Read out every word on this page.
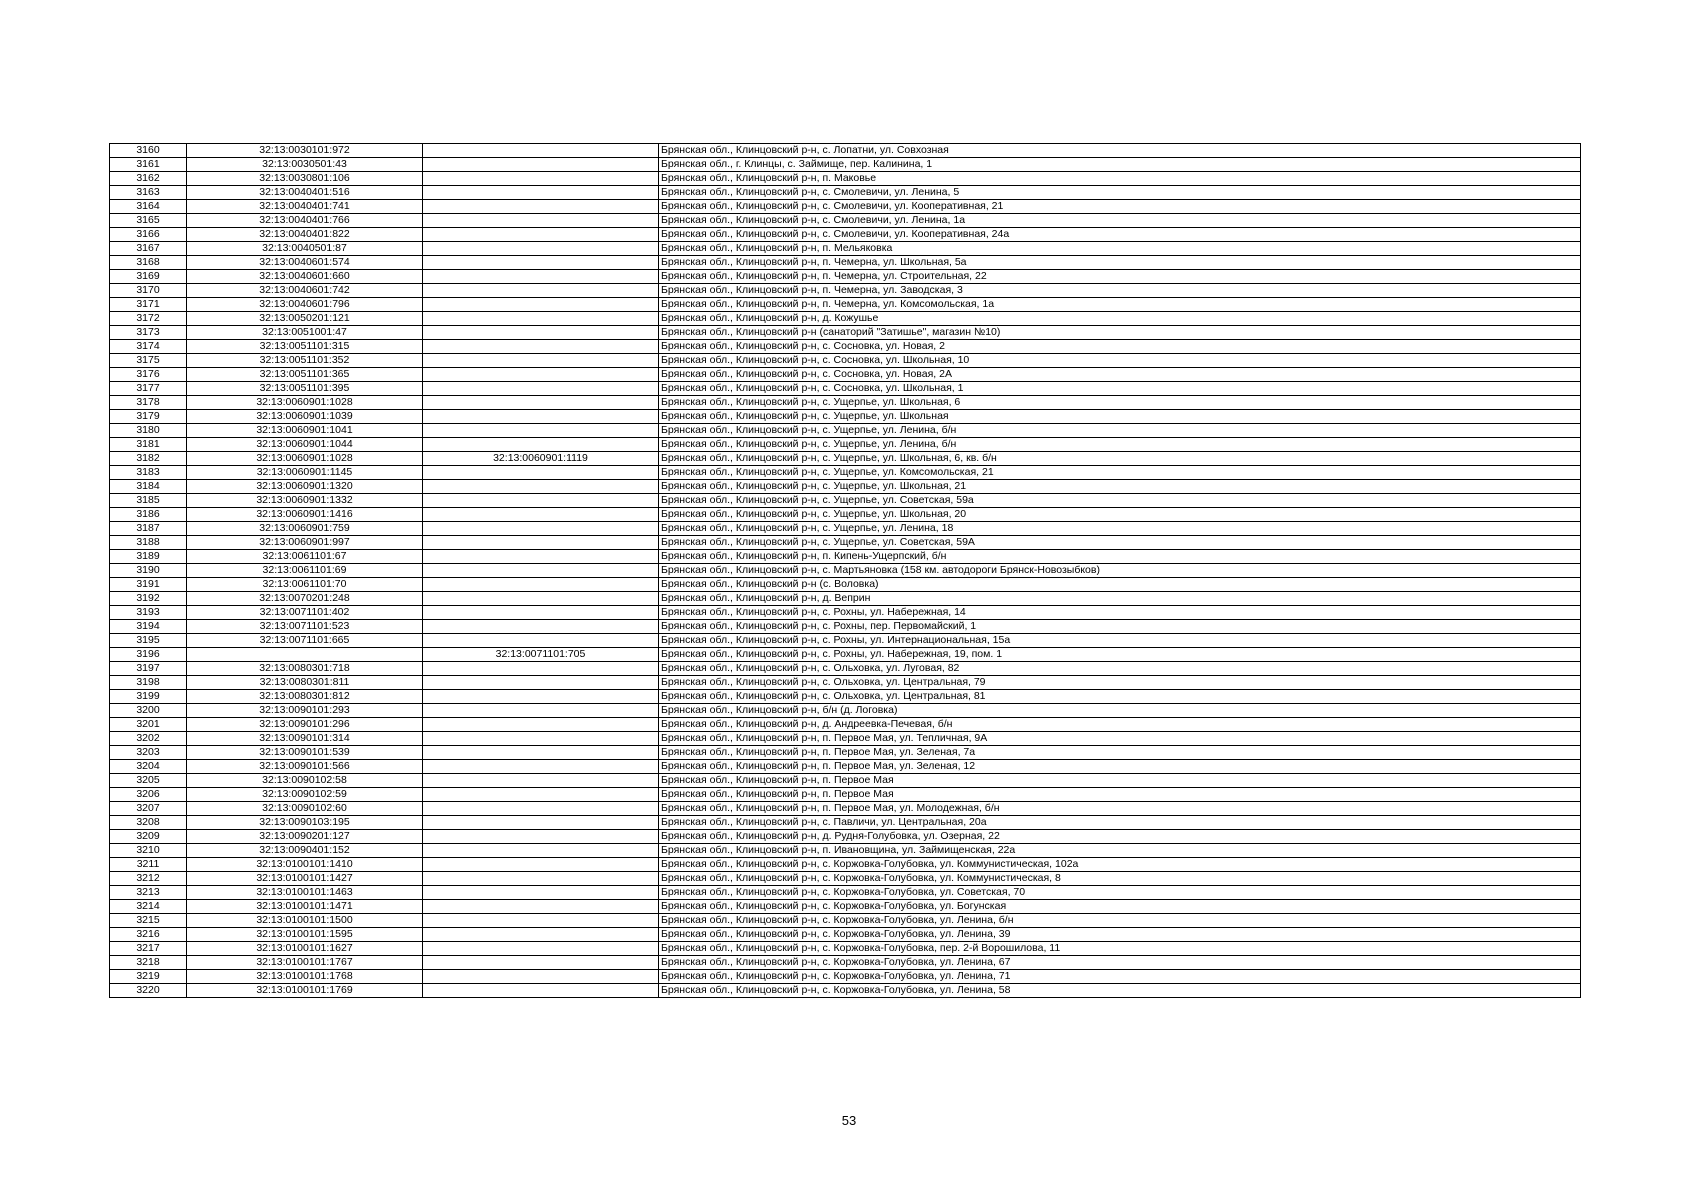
3160	32:13:0030101:972		Брянская обл., Клинцовский р-н, с. Лопатни, ул. Совхозная
3161	32:13:0030501:43		Брянская обл., г. Клинцы, с. Займище, пер. Калинина, 1
3162	32:13:0030801:106		Брянская обл., Клинцовский р-н, п. Маковье
3163	32:13:0040401:516		Брянская обл., Клинцовский р-н, с. Смолевичи, ул. Ленина, 5
3164	32:13:0040401:741		Брянская обл., Клинцовский р-н, с. Смолевичи, ул. Кооперативная, 21
3165	32:13:0040401:766		Брянская обл., Клинцовский р-н, с. Смолевичи, ул. Ленина, 1а
3166	32:13:0040401:822		Брянская обл., Клинцовский р-н, с. Смолевичи, ул. Кооперативная, 24а
3167	32:13:0040501:87		Брянская обл., Клинцовский р-н, п. Мельяковка
3168	32:13:0040601:574		Брянская обл., Клинцовский р-н, п. Чемерна, ул. Школьная, 5а
3169	32:13:0040601:660		Брянская обл., Клинцовский р-н, п. Чемерна, ул. Строительная, 22
3170	32:13:0040601:742		Брянская обл., Клинцовский р-н, п. Чемерна, ул. Заводская, 3
3171	32:13:0040601:796		Брянская обл., Клинцовский р-н, п. Чемерна, ул. Комсомольская, 1а
3172	32:13:0050201:121		Брянская обл., Клинцовский р-н, д. Кожушье
3173	32:13:0051001:47		Брянская обл., Клинцовский р-н (санаторий "Затишье", магазин №10)
3174	32:13:0051101:315		Брянская обл., Клинцовский р-н, с. Сосновка, ул. Новая, 2
3175	32:13:0051101:352		Брянская обл., Клинцовский р-н, с. Сосновка, ул. Школьная, 10
3176	32:13:0051101:365		Брянская обл., Клинцовский р-н, с. Сосновка, ул. Новая, 2А
3177	32:13:0051101:395		Брянская обл., Клинцовский р-н, с. Сосновка, ул. Школьная, 1
3178	32:13:0060901:1028		Брянская обл., Клинцовский р-н, с. Ущерпье, ул. Школьная, 6
3179	32:13:0060901:1039		Брянская обл., Клинцовский р-н, с. Ущерпье, ул. Школьная
3180	32:13:0060901:1041		Брянская обл., Клинцовский р-н, с. Ущерпье, ул. Ленина, б/н
3181	32:13:0060901:1044		Брянская обл., Клинцовский р-н, с. Ущерпье, ул. Ленина, б/н
3182	32:13:0060901:1028	32:13:0060901:1119	Брянская обл., Клинцовский р-н, с. Ущерпье, ул. Школьная, 6, кв. б/н
3183	32:13:0060901:1145		Брянская обл., Клинцовский р-н, с. Ущерпье, ул. Комсомольская, 21
3184	32:13:0060901:1320		Брянская обл., Клинцовский р-н, с. Ущерпье, ул. Школьная, 21
3185	32:13:0060901:1332		Брянская обл., Клинцовский р-н, с. Ущерпье, ул. Советская, 59а
3186	32:13:0060901:1416		Брянская обл., Клинцовский р-н, с. Ущерпье, ул. Школьная, 20
3187	32:13:0060901:759		Брянская обл., Клинцовский р-н, с. Ущерпье, ул. Ленина, 18
3188	32:13:0060901:997		Брянская обл., Клинцовский р-н, с. Ущерпье, ул. Советская, 59А
3189	32:13:0061101:67		Брянская обл., Клинцовский р-н, п. Кипень-Ущерпский, б/н
3190	32:13:0061101:69		Брянская обл., Клинцовский р-н, с. Мартьяновка (158 км. автодороги Брянск-Новозыбков)
3191	32:13:0061101:70		Брянская обл., Клинцовский р-н (с. Воловка)
3192	32:13:0070201:248		Брянская обл., Клинцовский р-н, д. Веприн
3193	32:13:0071101:402		Брянская обл., Клинцовский р-н, с. Рохны, ул. Набережная, 14
3194	32:13:0071101:523		Брянская обл., Клинцовский р-н, с. Рохны, пер. Первомайский, 1
3195	32:13:0071101:665		Брянская обл., Клинцовский р-н, с. Рохны, ул. Интернациональная, 15а
3196		32:13:0071101:705	Брянская обл., Клинцовский р-н, с. Рохны, ул. Набережная, 19, пом. 1
3197	32:13:0080301:718		Брянская обл., Клинцовский р-н, с. Ольховка, ул. Луговая, 82
3198	32:13:0080301:811		Брянская обл., Клинцовский р-н, с. Ольховка, ул. Центральная, 79
3199	32:13:0080301:812		Брянская обл., Клинцовский р-н, с. Ольховка, ул. Центральная, 81
3200	32:13:0090101:293		Брянская обл., Клинцовский р-н, б/н (д. Логовка)
3201	32:13:0090101:296		Брянская обл., Клинцовский р-н, д. Андреевка-Печевая, б/н
3202	32:13:0090101:314		Брянская обл., Клинцовский р-н, п. Первое Мая, ул. Тепличная, 9А
3203	32:13:0090101:539		Брянская обл., Клинцовский р-н, п. Первое Мая, ул. Зеленая, 7а
3204	32:13:0090101:566		Брянская обл., Клинцовский р-н, п. Первое Мая, ул. Зеленая, 12
3205	32:13:0090102:58		Брянская обл., Клинцовский р-н, п. Первое Мая
3206	32:13:0090102:59		Брянская обл., Клинцовский р-н, п. Первое Мая
3207	32:13:0090102:60		Брянская обл., Клинцовский р-н, п. Первое Мая, ул. Молодежная, б/н
3208	32:13:0090103:195		Брянская обл., Клинцовский р-н, с. Павличи, ул. Центральная, 20а
3209	32:13:0090201:127		Брянская обл., Клинцовский р-н, д. Рудня-Голубовка, ул. Озерная, 22
3210	32:13:0090401:152		Брянская обл., Клинцовский р-н, п. Ивановщина, ул. Займищенская, 22а
3211	32:13:0100101:1410		Брянская обл., Клинцовский р-н, с. Коржовка-Голубовка, ул. Коммунистическая, 102а
3212	32:13:0100101:1427		Брянская обл., Клинцовский р-н, с. Коржовка-Голубовка, ул. Коммунистическая, 8
3213	32:13:0100101:1463		Брянская обл., Клинцовский р-н, с. Коржовка-Голубовка, ул. Советская, 70
3214	32:13:0100101:1471		Брянская обл., Клинцовский р-н, с. Коржовка-Голубовка, ул. Богунская
3215	32:13:0100101:1500		Брянская обл., Клинцовский р-н, с. Коржовка-Голубовка, ул. Ленина, б/н
3216	32:13:0100101:1595		Брянская обл., Клинцовский р-н, с. Коржовка-Голубовка, ул. Ленина, 39
3217	32:13:0100101:1627		Брянская обл., Клинцовский р-н, с. Коржовка-Голубовка, пер. 2-й Ворошилова, 11
3218	32:13:0100101:1767		Брянская обл., Клинцовский р-н, с. Коржовка-Голубовка, ул. Ленина, 67
3219	32:13:0100101:1768		Брянская обл., Клинцовский р-н, с. Коржовка-Голубовка, ул. Ленина, 71
3220	32:13:0100101:1769		Брянская обл., Клинцовский р-н, с. Коржовка-Голубовка, ул. Ленина, 58
53
